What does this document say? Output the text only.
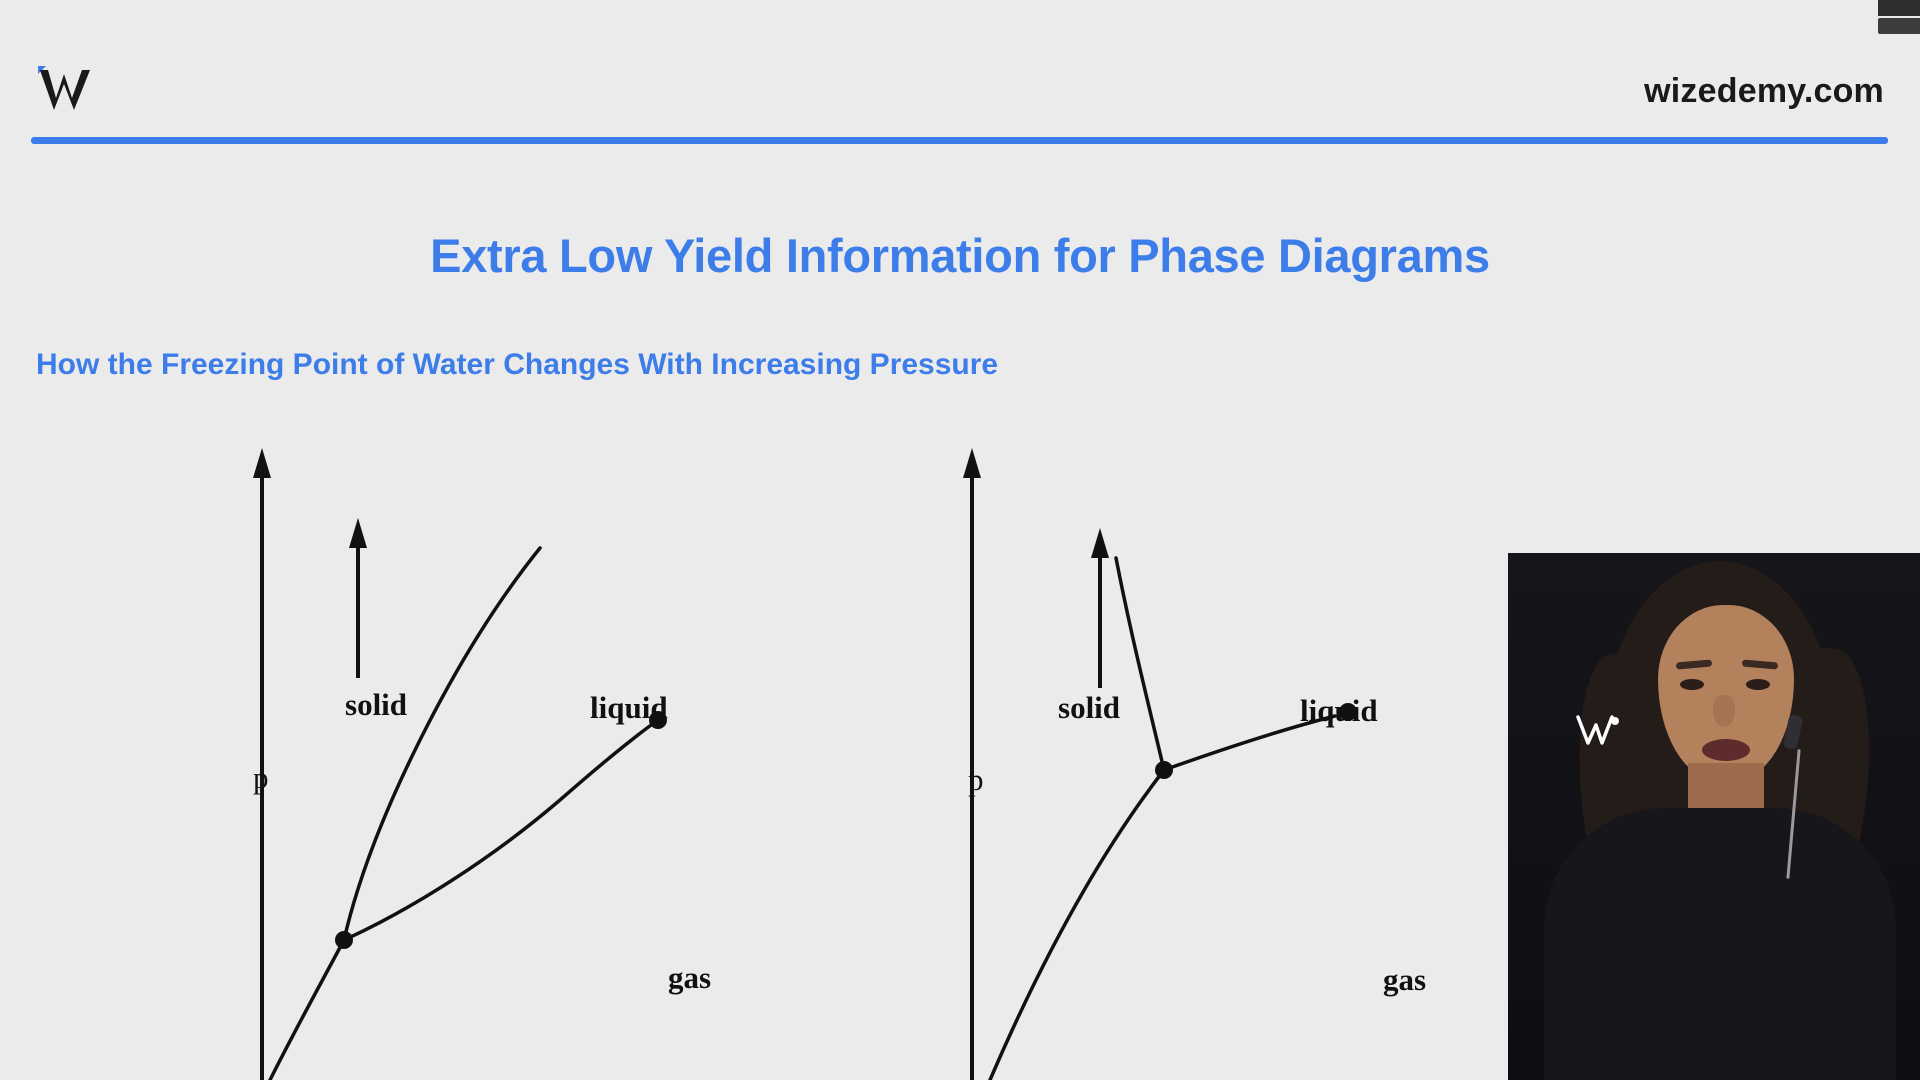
wizedemy.com
Extra Low Yield Information for Phase Diagrams
How the Freezing Point of Water Changes With Increasing Pressure
p
solid	liquid
gas
p
solid	liquid
gas
